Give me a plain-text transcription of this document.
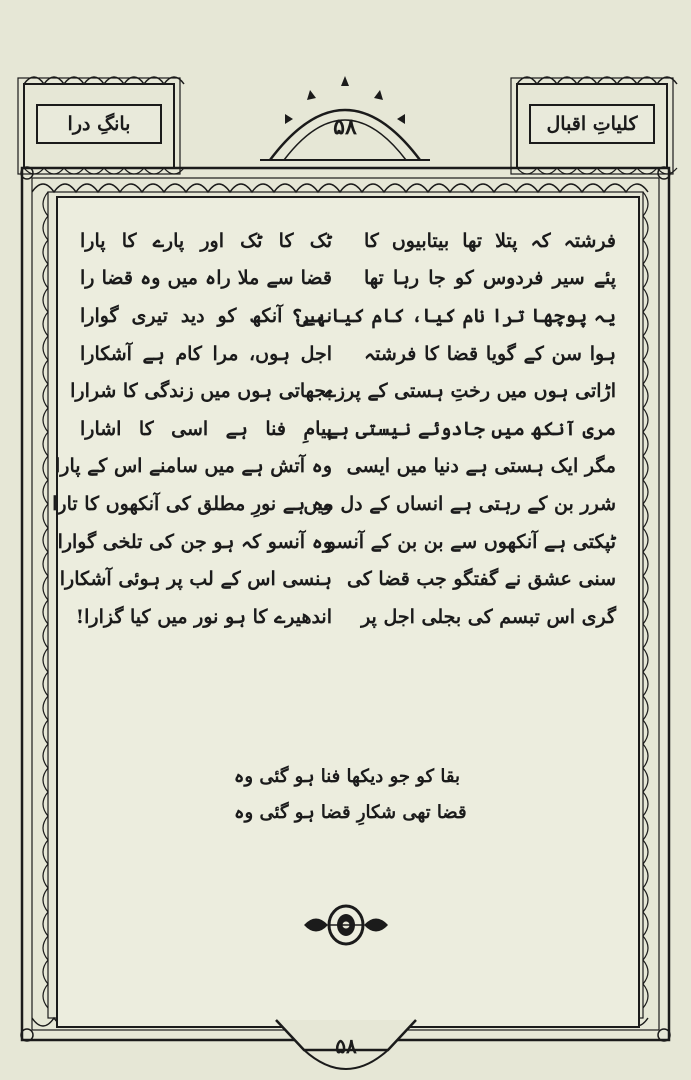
کلیاتِ اقبال
بانگِ درا	۵۸
فرشتہ کہ پتلا تھا بیتابیوں کا
ٹک کا ٹک اور پارے کا پارا
پئے سیر فردوس کو جا رہا تھا
قضا سے ملا راہ میں وہ قضا را
یہ پوچھا ترا نام کیا، کام کیا ہے؟
نہیں آنکھ کو دید تیری گوارا
ہوا سن کے گویا قضا کا فرشتہ
اجل ہوں، مرا کام ہے آشکارا
اڑاتی ہوں میں رختِ ہستی کے پرزے
بجھاتی ہوں میں زندگی کا شرارا
مری آنکھ میں جادوئے نیستی ہے
پیامِ فنا ہے اسی کا اشارا
مگر ایک ہستی ہے دنیا میں ایسی
وہ آتش ہے میں سامنے اس کے پارا
شرر بن کے رہتی ہے انساں کے دل میں
وہ ہے نورِ مطلق کی آنکھوں کا تارا
ٹپکتی ہے آنکھوں سے بن بن کے آنسو
وہ آنسو کہ ہو جن کی تلخی گوارا
سنی عشق نے گفتگو جب قضا کی
ہنسی اس کے لب پر ہوئی آشکارا
گری اس تبسم کی بجلی اجل پر
اندھیرے کا ہو نور میں کیا گزارا!
بقا کو جو دیکھا فنا ہو گئی وہ
قضا تھی شکارِ قضا ہو گئی وہ
۵۸
